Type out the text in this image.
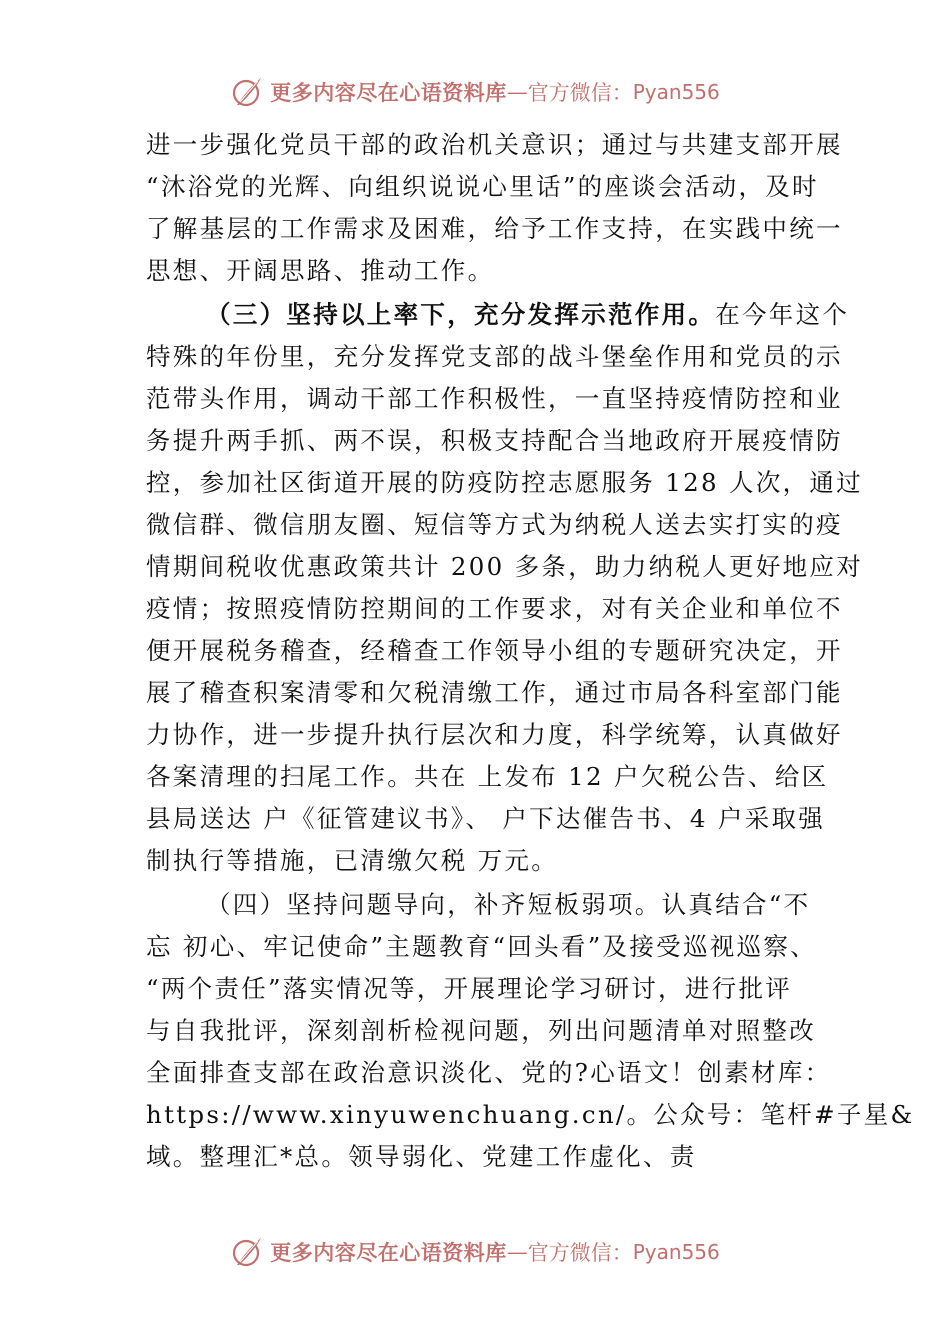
更多内容尽在心语资料库 — 官方微信： Pyan556
进一步强化党员干部的政治机关意识；通过与共建支部开展
“沐浴党的光辉、向组织说说心里话”的座谈会活动，及时
了解基层的工作需求及困难，给予工作支持，在实践中统一
思想、开阔思路、推动工作。
（三）坚持以上率下，充分发挥示范作用。在今年这个
特殊的年份里，充分发挥党支部的战斗堡垒作用和党员的示
范带头作用，调动干部工作积极性，一直坚持疫情防控和业
务提升两手抓、两不误，积极支持配合当地政府开展疫情防
控，参加社区街道开展的防疫防控志愿服务 128 人次，通过
微信群、微信朋友圈、短信等方式为纳税人送去实打实的疫
情期间税收优惠政策共计 200 多条，助力纳税人更好地应对
疫情；按照疫情防控期间的工作要求，对有关企业和单位不
便开展税务稽查，经稽查工作领导小组的专题研究决定，开
展了稽查积案清零和欠税清缴工作，通过市局各科室部门能
力协作，进一步提升执行层次和力度，科学统筹，认真做好
各案清理的扫尾工作。共在 上发布 12 户欠税公告、给区
县局送达 户《征管建议书》、 户下达催告书、4 户采取强
制执行等措施，已清缴欠税 万元。
（四）坚持问题导向，补齐短板弱项。认真结合“不
忘 初心、牢记使命”主题教育“回头看”及接受巡视巡察、
“两个责任”落实情况等，开展理论学习研讨，进行批评
与自我批评，深刻剖析检视问题，列出问题清单对照整改
全面排查支部在政治意识淡化、党的?心语文！创素材库：
https://www.xinyuwenchuang.cn/。公众号：笔杆#子星&
域。整理汇*总。领导弱化、党建工作虚化、责
更多内容尽在心语资料库 — 官方微信： Pyan556
